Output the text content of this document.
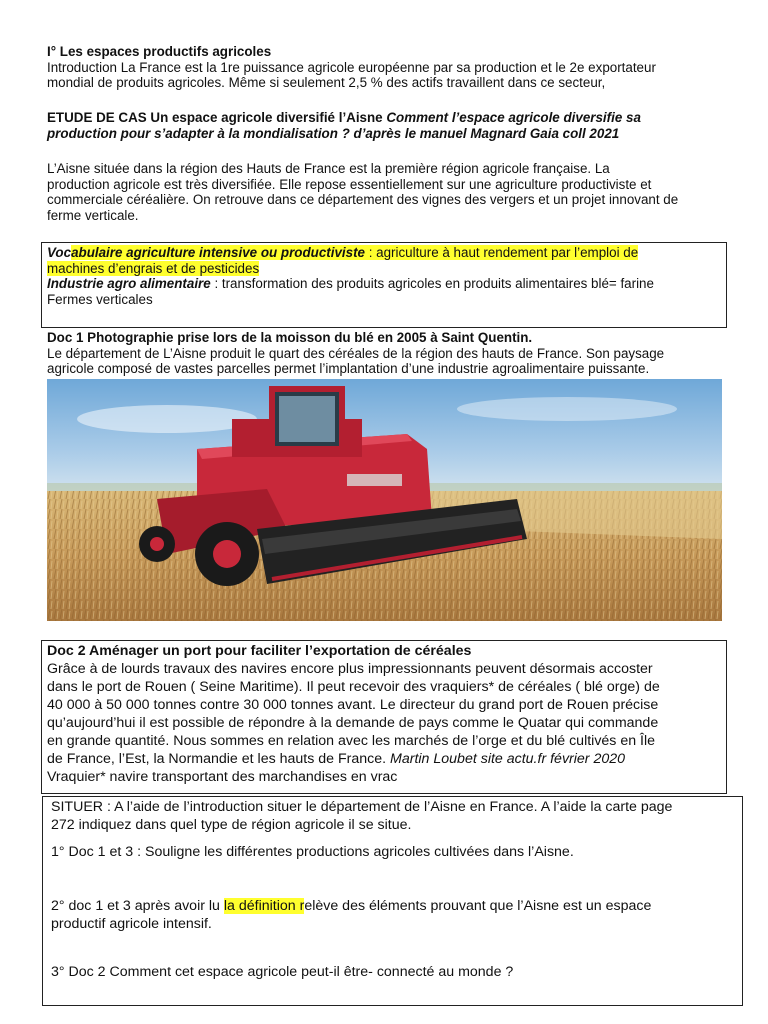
I° Les espaces productifs agricoles

Introduction La France est la 1re puissance agricole européenne par sa production et le 2e exportateur

mondial de produits agricoles. Même si seulement 2,5 % des actifs travaillent dans ce secteur,

ETUDE DE CAS Un espace agricole diversifié l’Aisne Comment l’espace agricole diversifie sa

production pour s’adapter à la mondialisation ? d’après le manuel Magnard Gaia coll 2021

L’Aisne située dans la région des Hauts de France est la première région agricole française. La

production agricole est très diversifiée. Elle repose essentiellement sur une agriculture productiviste et

commerciale céréalière. On retrouve dans ce département des vignes des vergers et un projet innovant de

ferme verticale.

Vocabulaire agriculture intensive ou productiviste : agriculture à haut rendement par l’emploi de

machines d’engrais et de pesticides

Industrie agro alimentaire : transformation des produits agricoles en produits alimentaires blé= farine

Fermes verticales

Doc 1 Photographie prise lors de la moisson du blé en 2005 à Saint Quentin.

Le département de L’Aisne produit le quart des céréales de la région des hauts de France. Son paysage

agricole composé de vastes parcelles permet l’implantation d’une industrie agroalimentaire puissante.

Doc 2 Aménager un port pour faciliter l’exportation de céréales

Grâce à de lourds travaux des navires encore plus impressionnants peuvent désormais accoster

dans le port de Rouen ( Seine Maritime). Il peut recevoir des vraquiers* de céréales ( blé orge) de

40 000 à 50 000 tonnes contre 30 000 tonnes avant. Le directeur du grand port de Rouen précise

qu’aujourd’hui il est possible de répondre à la demande de pays comme le Quatar qui commande

en grande quantité. Nous sommes en relation avec les marchés de l’orge et du blé cultivés en Île

de France, l’Est, la Normandie et les hauts de France. Martin Loubet site actu.fr février 2020

Vraquier* navire transportant des marchandises en vrac

SITUER : A l’aide de l’introduction situer le département de l’Aisne en France. A l’aide la carte page

272 indiquez dans quel type de région agricole il se situe.

1° Doc 1 et 3 : Souligne les différentes productions agricoles cultivées dans l’Aisne.

2° doc 1 et 3 après avoir lu la définition relève des éléments prouvant que l’Aisne est un espace

productif agricole intensif.

3° Doc 2 Comment cet espace agricole peut-il être- connecté au monde ?
